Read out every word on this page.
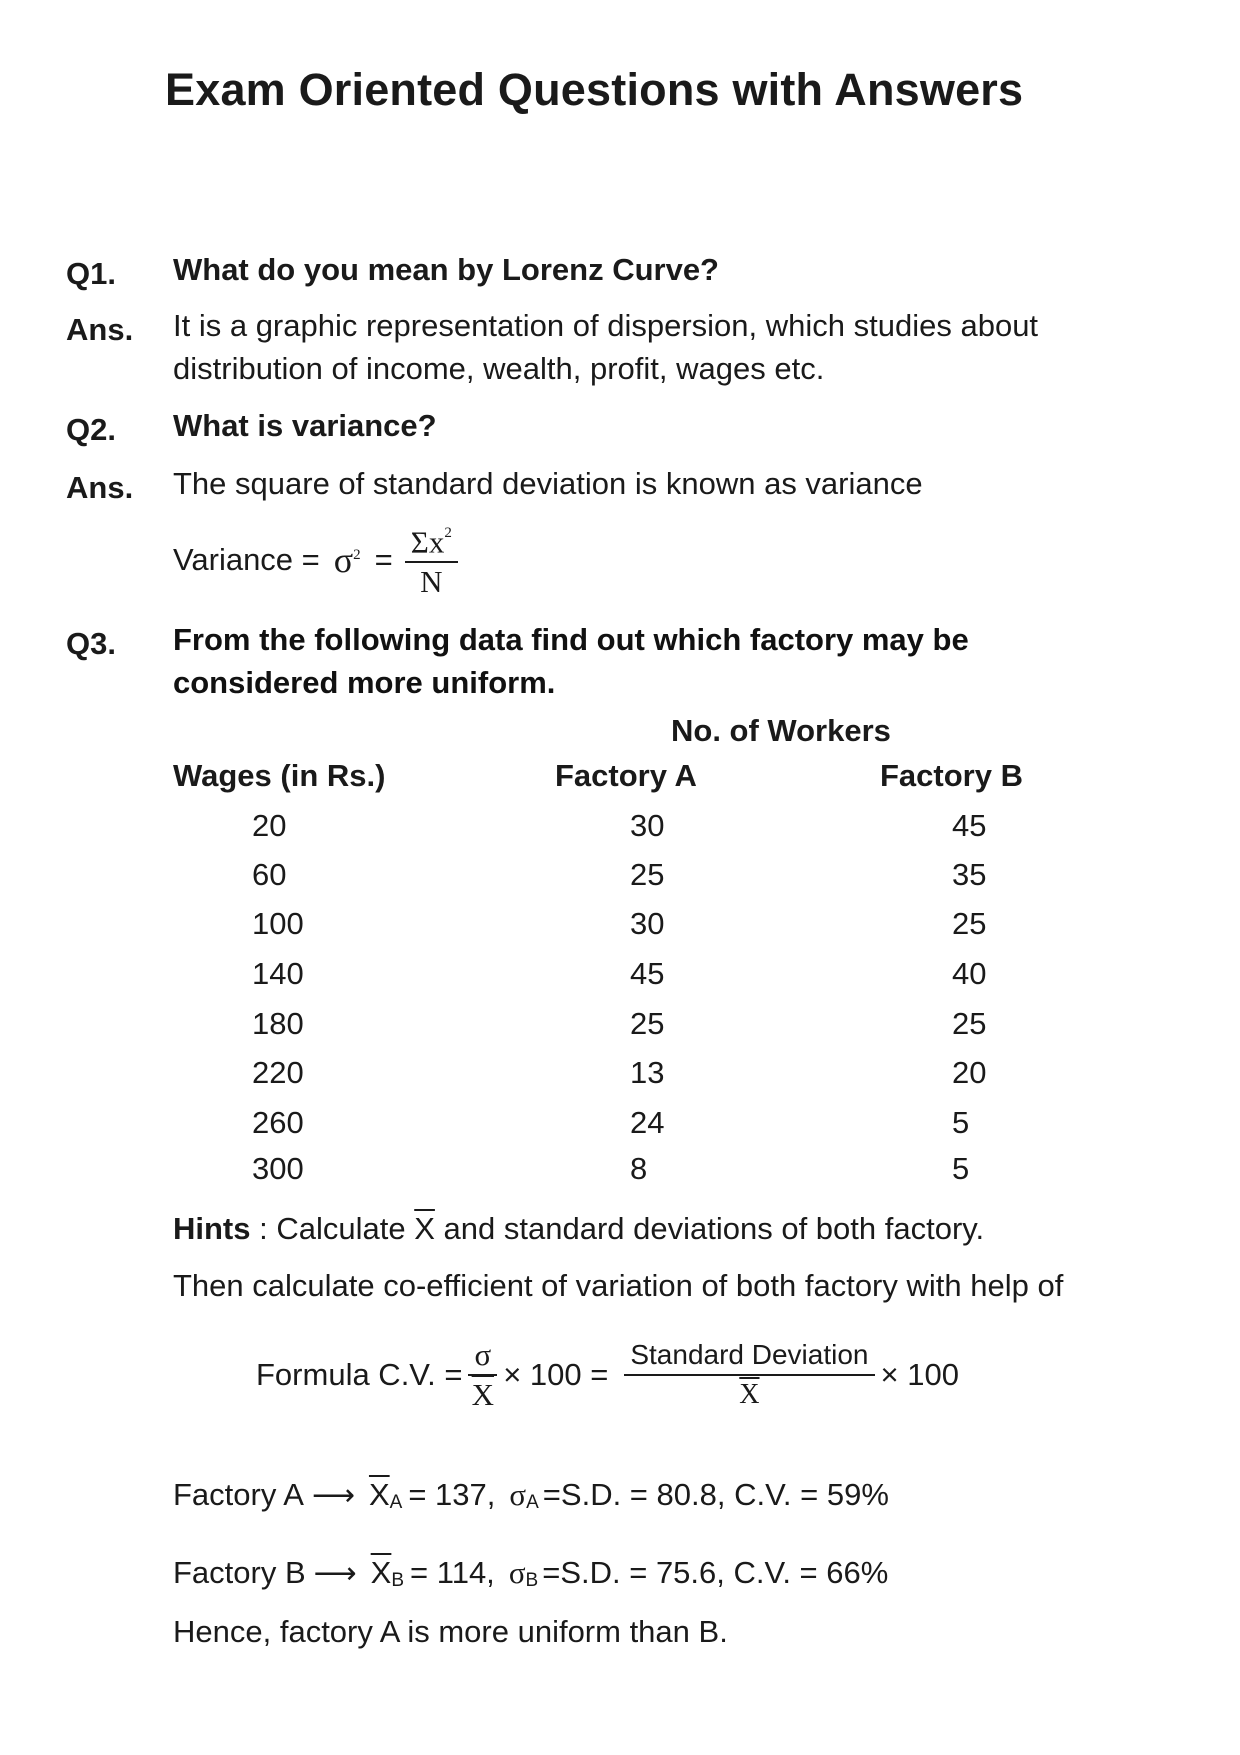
Exam Oriented Questions with Answers
Q1. What do you mean by Lorenz Curve?
Ans. It is a graphic representation of dispersion, which studies about
distribution of income, wealth, profit, wages etc.
Q2. What is variance?
Ans. The square of standard deviation is known as variance
Variance = σ $2 = \frac{\Sigma x^2}{N}$
Q3. From the following data find out which factory may be
considered more uniform.
No. of Workers
Wages (in Rs.)	Factory A	Factory B
20	30	45
60	25	35
100	30	25
140	45	40
180	25	25
220	13	20
260	24	5
300	8	5
Hints : Calculate $\overline{X}$ and standard deviations of both factory.
Then calculate co-efficient of variation of both factory with help of
Formula C.V. = $\frac{\sigma}{X} \times 100 = \frac{\text{Standard Deviation}}{X} \times 100$
Factory A ⟶ $\overline{X}$ A = 137, σ A =S.D. = 80.8, C.V. = 59%
Factory B ⟶ $\overline{X}$ B = 114, σ B =S.D. = 75.6, C.V. = 66%
Hence, factory A is more uniform than B.
